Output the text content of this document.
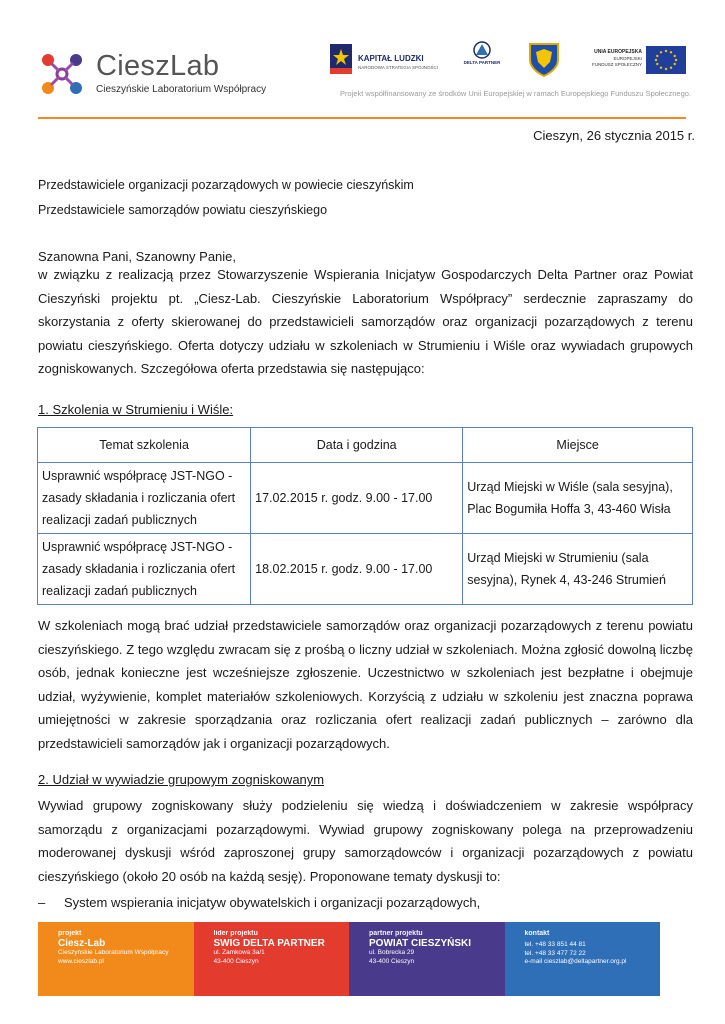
CieszLab
Cieszyńskie Laboratorium Współpracy
KAPITAŁ LUDZKI
NARODOWA STRATEGIA SPÓJNOŚCI
DELTA PARTNER
UNIA EUROPEJSKA
EUROPEJSKI
FUNDUSZ SPOŁECZNY
Projekt współfinansowany ze środków Unii Europejskiej w ramach Europejskiego Funduszu Społecznego.
Cieszyn, 26 stycznia 2015 r.
Przedstawiciele organizacji pozarządowych w powiecie cieszyńskim
Przedstawiciele samorządów powiatu cieszyńskiego
Szanowna Pani, Szanowny Panie,

w związku z realizacją przez Stowarzyszenie Wspierania Inicjatyw Gospodarczych Delta Partner oraz Powiat Cieszyński projektu pt. „Ciesz-Lab. Cieszyńskie Laboratorium Współpracy” serdecznie zapraszamy do skorzystania z oferty skierowanej do przedstawicieli samorządów oraz organizacji pozarządowych z terenu powiatu cieszyńskiego. Oferta dotyczy udziału w szkoleniach w Strumieniu i Wiśle oraz wywiadach grupowych zogniskowanych. Szczegółowa oferta przedstawia się następująco:

1. Szkolenia w Strumieniu i Wiśle:
Temat szkolenia	Data i godzina	Miejsce
Usprawnić współpracę JST-NGO - zasady składania i rozliczania ofert realizacji zadań publicznych	17.02.2015 r. godz. 9.00 - 17.00	Urząd Miejski w Wiśle (sala sesyjna), Plac Bogumiła Hoffa 3, 43-460 Wisła
Usprawnić współpracę JST-NGO - zasady składania i rozliczania ofert realizacji zadań publicznych	18.02.2015 r. godz. 9.00 - 17.00	Urząd Miejski w Strumieniu (sala sesyjna), Rynek 4, 43-246 Strumień

W szkoleniach mogą brać udział przedstawiciele samorządów oraz organizacji pozarządowych z terenu powiatu cieszyńskiego. Z tego względu zwracam się z prośbą o liczny udział w szkoleniach. Można zgłosić dowolną liczbę osób, jednak konieczne jest wcześniejsze zgłoszenie. Uczestnictwo w szkoleniach jest bezpłatne i obejmuje udział, wyżywienie, komplet materiałów szkoleniowych. Korzyścią z udziału w szkoleniu jest znaczna poprawa umiejętności w zakresie sporządzania oraz rozliczania ofert realizacji zadań publicznych – zarówno dla przedstawicieli samorządów jak i organizacji pozarządowych.

2. Udział w wywiadzie grupowym zogniskowanym

Wywiad grupowy zogniskowany służy podzieleniu się wiedzą i doświadczeniem w zakresie współpracy samorządu z organizacjami pozarządowymi. Wywiad grupowy zogniskowany polega na przeprowadzeniu moderowanej dyskusji wśród zaproszonej grupy samorządowców i organizacji pozarządowych z powiatu cieszyńskiego (około 20 osób na każdą sesję). Proponowane tematy dyskusji to:

– System wspierania inicjatyw obywatelskich i organizacji pozarządowych,
projekt
Ciesz-Lab
Cieszyńskie Laboratorium Współpracy
www.cieszlab.pl
lider projektu
SWIG DELTA PARTNER
ul. Zamkowa 3a/1
43-400 Cieszyn
partner projektu
POWIAT CIESZYŃSKI
ul. Bobrecka 29
43-400 Cieszyn
kontakt
tel. +48 33 851 44 81
tel. +48 33 477 72 22
e-mail cieszlab@deltapartner.org.pl
